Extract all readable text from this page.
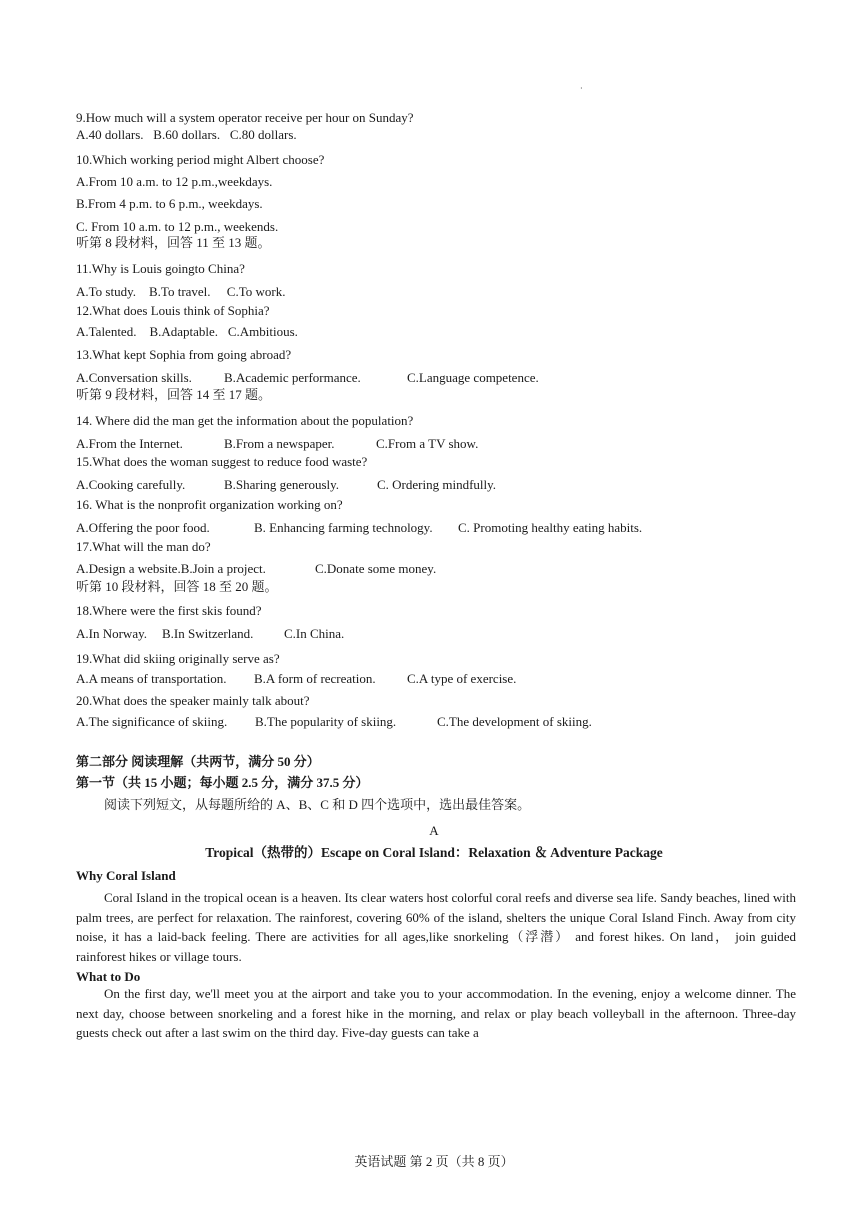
·
9.How much will a system operator receive per hour on Sunday?
A.40 dollars. B.60 dollars. C.80 dollars.
10.Which working period might Albert choose?
A.From 10 a.m. to 12 p.m.,weekdays.
B.From 4 p.m. to 6 p.m., weekdays.
C. From 10 a.m. to 12 p.m., weekends.
听第 8 段材料，回答 11 至 13 题。
11.Why is Louis goingto China?
A.To study. B.To travel. C.To work.
12.What does Louis think of Sophia?
A.Talented. B.Adaptable. C.Ambitious.
13.What kept Sophia from going abroad?
A.Conversation skills. B.Academic performance.	C.Language competence.
听第 9 段材料，回答 14 至 17 题。
14. Where did the man get the information about the population?
A.From the Internet.	B.From a newspaper.	C.From a TV show.
15.What does the woman suggest to reduce food waste?
A.Cooking carefully.	B.Sharing generously.	C. Ordering mindfully.
16. What is the nonprofit organization working on?
A.Offering the poor food.	B. Enhancing farming technology. C. Promoting healthy eating habits.
17.What will the man do?
A.Design a website.B.Join a project.	C.Donate some money.
听第 10 段材料，回答 18 至 20 题。
18.Where were the first skis found?
A.In Norway. B.In Switzerland. C.In China.
19.What did skiing originally serve as?
A.A means of transportation. B.A form of recreation. C.A type of exercise.
20.What does the speaker mainly talk about?
A.The significance of skiing. B.The popularity of skiing.	C.The development of skiing.
第二部分 阅读理解（共两节，满分 50 分）
第一节（共 15 小题；每小题 2.5 分，满分 37.5 分）
阅读下列短文，从每题所给的 A、B、C 和 D 四个选项中，选出最佳答案。
A
Tropical（热带的）Escape on Coral Island：Relaxation ＆ Adventure Package
Why Coral Island
Coral Island in the tropical ocean is a heaven. Its clear waters host colorful coral reefs and diverse sea life. Sandy beaches, lined with palm trees, are perfect for relaxation. The rainforest, covering 60% of the island, shelters the unique Coral Island Finch. Away from city noise, it has a laid-back feeling. There are activities for all ages,like snorkeling（浮潜） and forest hikes. On land， join guided rainforest hikes or village tours.
What to Do
On the first day, we'll meet you at the airport and take you to your accommodation. In the evening, enjoy a welcome dinner. The next day, choose between snorkeling and a forest hike in the morning, and relax or play beach volleyball in the afternoon. Three-day guests check out after a last swim on the third day. Five-day guests can take a
英语试题 第 2 页（共 8 页）
